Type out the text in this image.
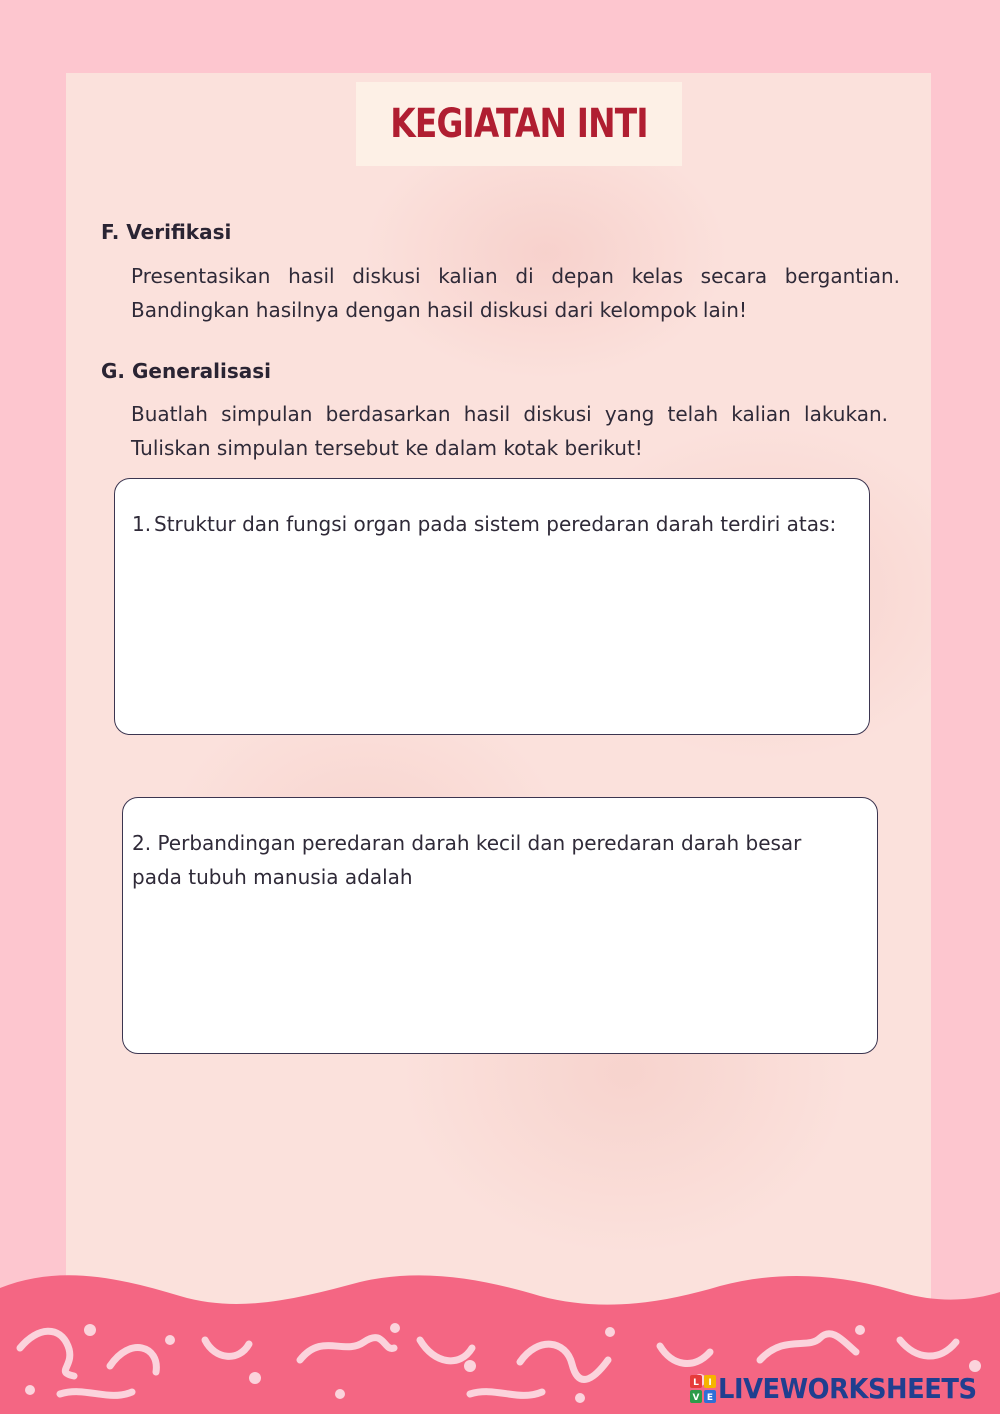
KEGIATAN INTI
F. Verifikasi
Presentasikan hasil diskusi kalian di depan kelas secara bergantian. Bandingkan hasilnya dengan hasil diskusi dari kelompok lain!
G. Generalisasi
Buatlah simpulan berdasarkan hasil diskusi yang telah kalian lakukan. Tuliskan simpulan tersebut ke dalam kotak berikut!
1. Struktur dan fungsi organ pada sistem peredaran darah terdiri atas:
2. Perbandingan peredaran darah kecil dan peredaran darah besar pada tubuh manusia adalah
L I
V E LIVEWORKSHEETS
